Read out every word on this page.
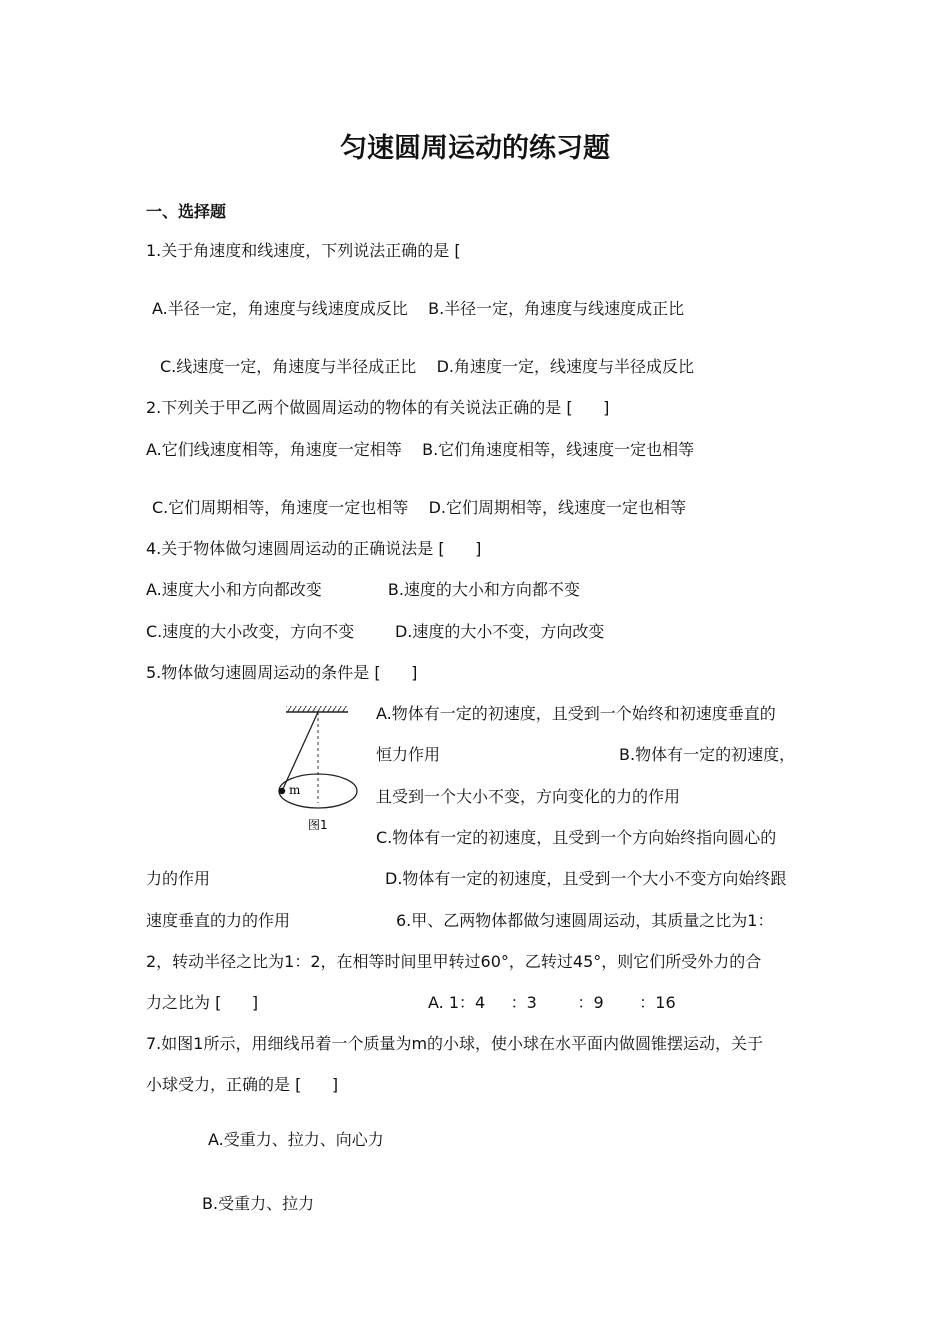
匀速圆周运动的练习题
一、选择题
1.关于角速度和线速度，下列说法正确的是 [
A.半径一定，角速度与线速度成反比    B.半径一定，角速度与线速度成正比
C.线速度一定，角速度与半径成正比    D.角速度一定，线速度与半径成反比
2.下列关于甲乙两个做圆周运动的物体的有关说法正确的是 [      ]
A.它们线速度相等，角速度一定相等    B.它们角速度相等，线速度一定也相等
C.它们周期相等，角速度一定也相等    D.它们周期相等，线速度一定也相等
4.关于物体做匀速圆周运动的正确说法是 [      ]
A.速度大小和方向都改变             B.速度的大小和方向都不变
C.速度的大小改变，方向不变        D.速度的大小不变，方向改变
5.物体做匀速圆周运动的条件是 [      ]
A.物体有一定的初速度，且受到一个始终和初速度垂直的
恒力作用	B.物体有一定的初速度，
且受到一个大小不变，方向变化的力的作用
C.物体有一定的初速度，且受到一个方向始终指向圆心的
力的作用	D.物体有一定的初速度，且受到一个大小不变方向始终跟
速度垂直的力的作用	6.甲、乙两物体都做匀速圆周运动，其质量之比为1：
2，转动半径之比为1：2，在相等时间里甲转过60°，乙转过45°，则它们所受外力的合
力之比为 [      ]	A. 1：4     ：3        ：9       ：16
7.如图1所示，用细线吊着一个质量为m的小球，使小球在水平面内做圆锥摆运动，关于
小球受力，正确的是 [      ]
A.受重力、拉力、向心力
B.受重力、拉力
m
图1
